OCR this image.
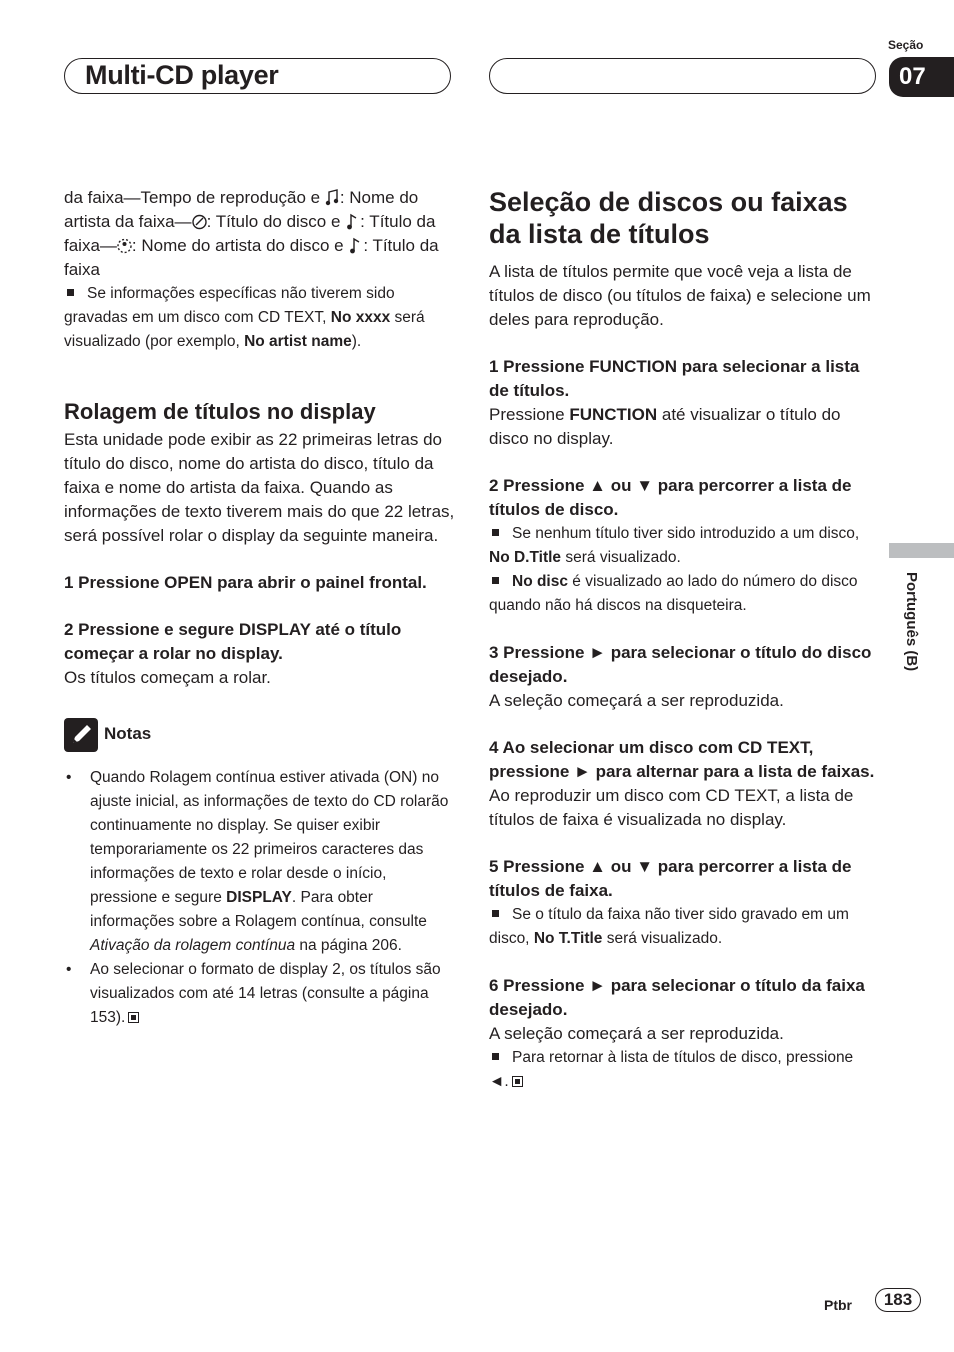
Multi-CD player
Seção
07
Português (B)

da faixa—Tempo de reprodução e : Nome do artista da faixa— : Título do disco e : Título da faixa— : Nome do artista do disco e : Título da faixa

Se informações específicas não tiverem sido gravadas em um disco com CD TEXT, No xxxx será visualizado (por exemplo, No artist name).

Rolagem de títulos no display

Esta unidade pode exibir as 22 primeiras letras do título do disco, nome do artista do disco, título da faixa e nome do artista da faixa. Quando as informações de texto tiverem mais do que 22 letras, será possível rolar o display da seguinte maneira.

1 Pressione OPEN para abrir o painel frontal.

2 Pressione e segure DISPLAY até o título começar a rolar no display.

Os títulos começam a rolar.

Notas
• Quando Rolagem contínua estiver ativada (ON) no ajuste inicial, as informações de texto do CD rolarão continuamente no display. Se quiser exibir temporariamente os 22 primeiros caracteres das informações de texto e rolar desde o início, pressione e segure DISPLAY. Para obter informações sobre a Rolagem contínua, consulte Ativação da rolagem contínua na página 206.
• Ao selecionar o formato de display 2, os títulos são visualizados com até 14 letras (consulte a página 153).

Seleção de discos ou faixas da lista de títulos

A lista de títulos permite que você veja a lista de títulos de disco (ou títulos de faixa) e selecione um deles para reprodução.

1 Pressione FUNCTION para selecionar a lista de títulos.

Pressione FUNCTION até visualizar o título do disco no display.

2 Pressione ▲ ou ▼ para percorrer a lista de títulos de disco.

Se nenhum título tiver sido introduzido a um disco, No D.Title será visualizado.

No disc é visualizado ao lado do número do disco quando não há discos na disqueteira.

3 Pressione ► para selecionar o título do disco desejado.

A seleção começará a ser reproduzida.

4 Ao selecionar um disco com CD TEXT, pressione ► para alternar para a lista de faixas.

Ao reproduzir um disco com CD TEXT, a lista de títulos de faixa é visualizada no display.

5 Pressione ▲ ou ▼ para percorrer a lista de títulos de faixa.

Se o título da faixa não tiver sido gravado em um disco, No T.Title será visualizado.

6 Pressione ► para selecionar o título da faixa desejado.

A seleção começará a ser reproduzida.

Para retornar à lista de títulos de disco, pressione ◄.

Ptbr	183
